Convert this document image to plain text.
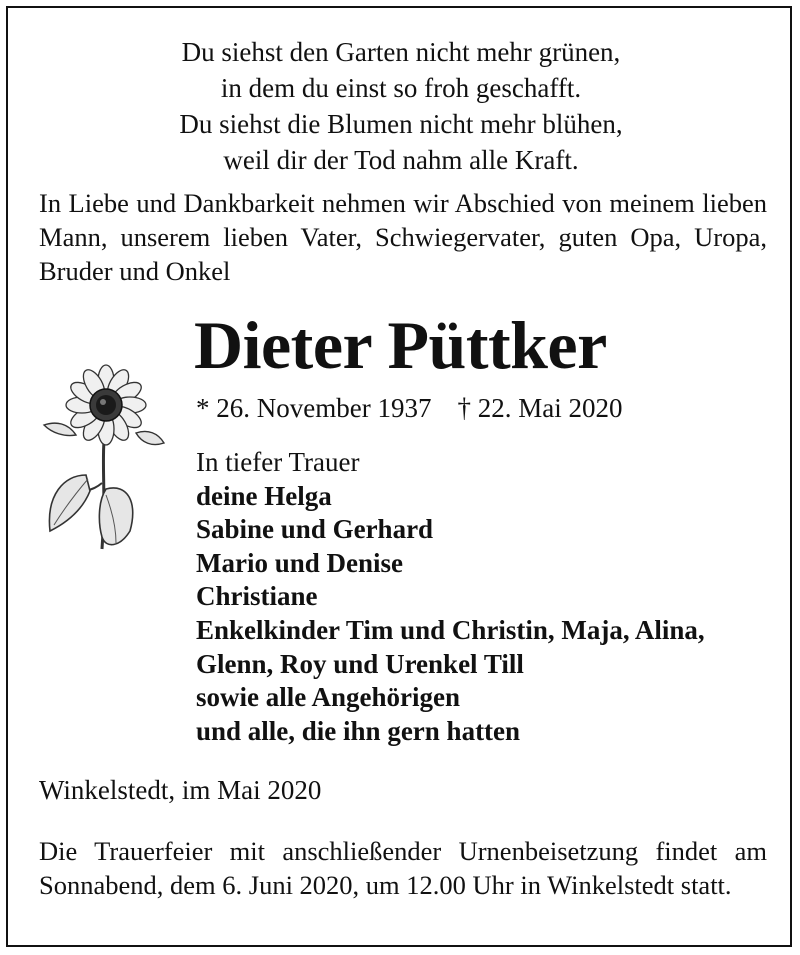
Du siehst den Garten nicht mehr grünen,
in dem du einst so froh geschafft.
Du siehst die Blumen nicht mehr blühen,
weil dir der Tod nahm alle Kraft.
In Liebe und Dankbarkeit nehmen wir Abschied von meinem lieben Mann, unserem lieben Vater, Schwiegervater, guten Opa, Uropa, Bruder und Onkel
Dieter Püttker
* 26. November 1937 † 22. Mai 2020
In tiefer Trauer
deine Helga
Sabine und Gerhard
Mario und Denise
Christiane
Enkelkinder Tim und Christin, Maja, Alina,
Glenn, Roy und Urenkel Till
sowie alle Angehörigen
und alle, die ihn gern hatten
Winkelstedt, im Mai 2020
Die Trauerfeier mit anschließender Urnenbeisetzung findet am Sonnabend, dem 6. Juni 2020, um 12.00 Uhr in Winkelstedt statt.
